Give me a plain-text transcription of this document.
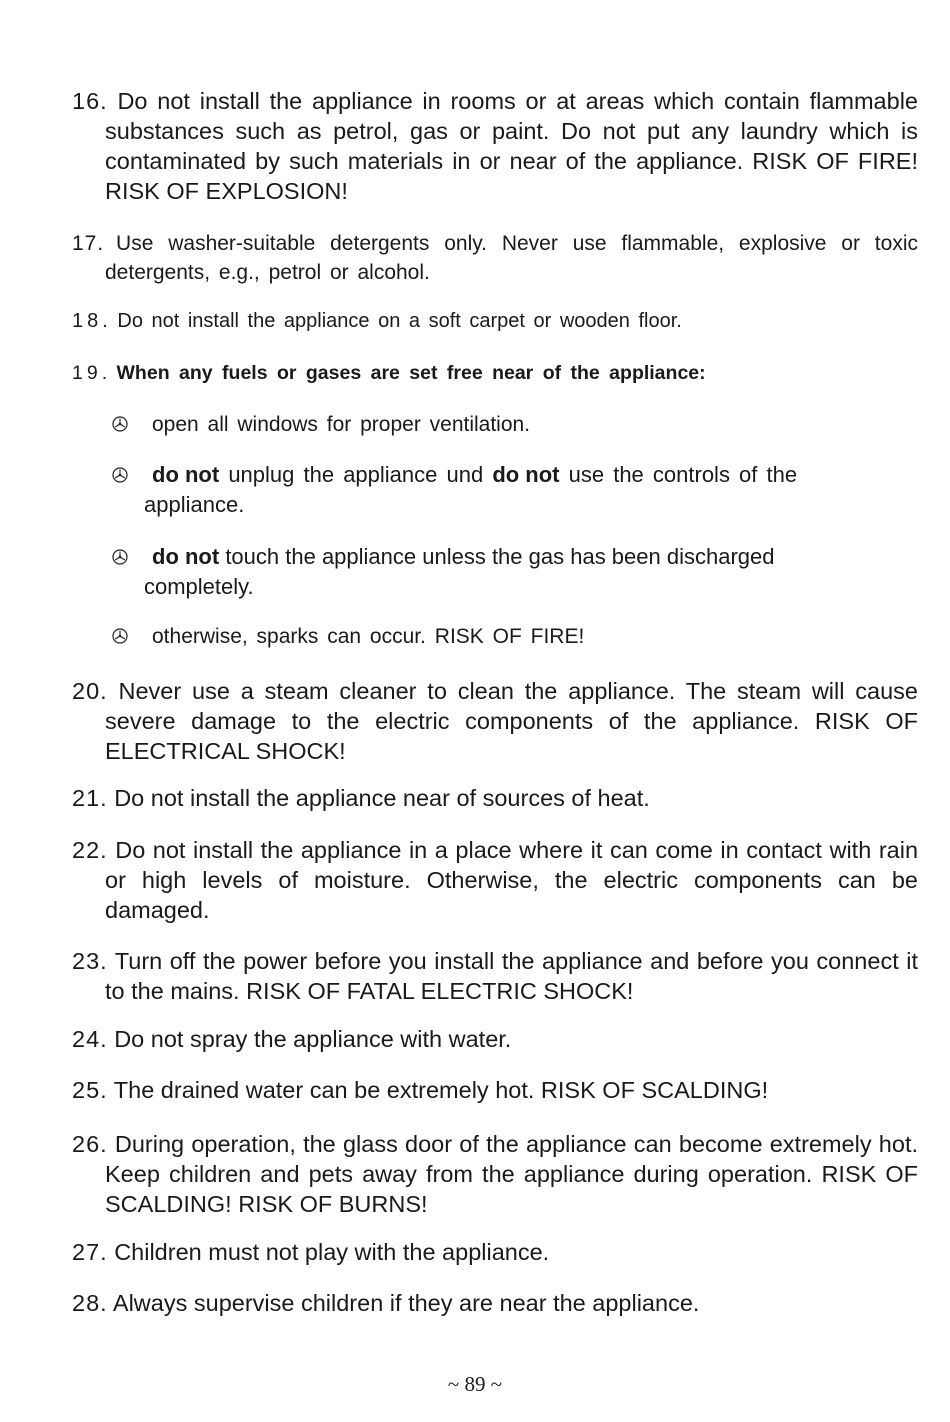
16. Do not install the appliance in rooms or at areas which contain flammable substances such as petrol, gas or paint. Do not put any laundry which is contaminated by such materials in or near of the appliance. RISK OF FIRE! RISK OF EXPLOSION!
17. Use washer-suitable detergents only. Never use flammable, explosive or toxic detergents, e.g., petrol or alcohol.
18. Do not install the appliance on a soft carpet or wooden floor.
19. When any fuels or gases are set free near of the appliance:
open all windows for proper ventilation.
do not unplug the appliance und do not use the controls of the
appliance.
do not touch the appliance unless the gas has been discharged
completely.
otherwise, sparks can occur. RISK OF FIRE!
20. Never use a steam cleaner to clean the appliance. The steam will cause severe damage to the electric components of the appliance. RISK OF ELECTRICAL SHOCK!
21. Do not install the appliance near of sources of heat.
22. Do not install the appliance in a place where it can come in contact with rain or high levels of moisture. Otherwise, the electric components can be damaged.
23. Turn off the power before you install the appliance and before you connect it to the mains. RISK OF FATAL ELECTRIC SHOCK!
24. Do not spray the appliance with water.
25. The drained water can be extremely hot. RISK OF SCALDING!
26. During operation, the glass door of the appliance can become extremely hot. Keep children and pets away from the appliance during operation. RISK OF SCALDING! RISK OF BURNS!
27. Children must not play with the appliance.
28. Always supervise children if they are near the appliance.
~ 89 ~
